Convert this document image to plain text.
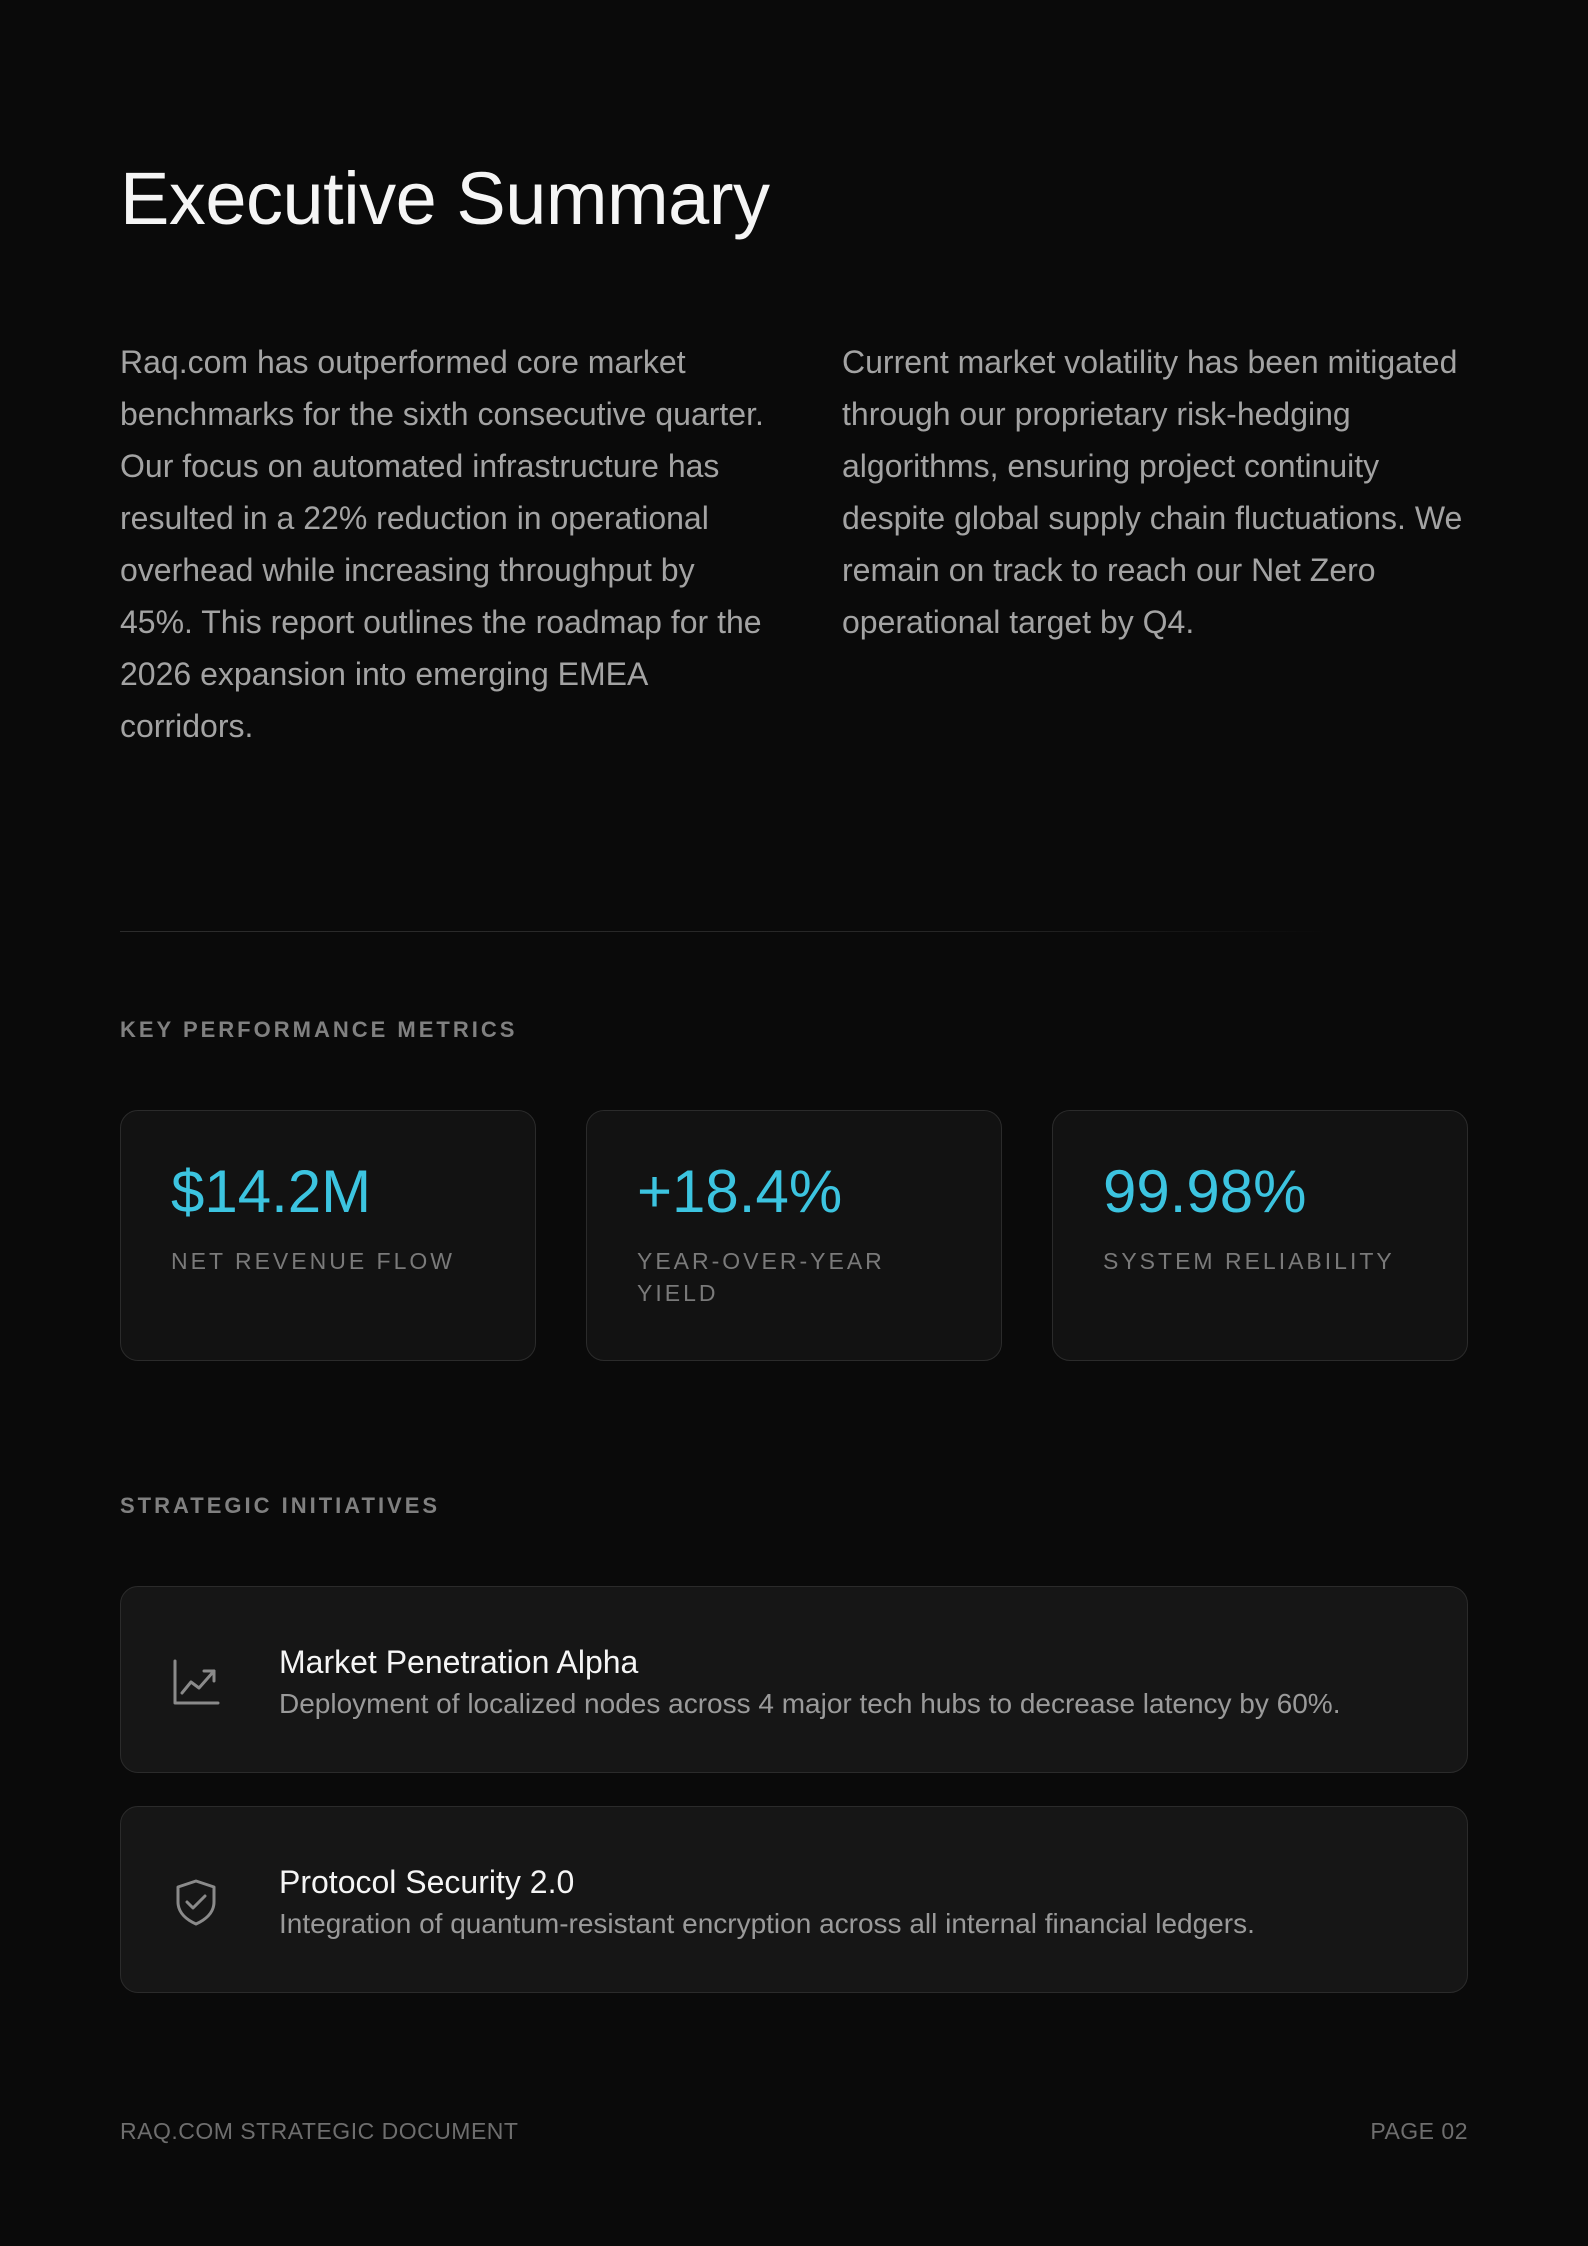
Executive Summary

Raq.com has outperformed core market benchmarks for the sixth consecutive quarter. Our focus on automated infrastructure has resulted in a 22% reduction in operational overhead while increasing throughput by 45%. This report outlines the roadmap for the 2026 expansion into emerging EMEA corridors.

Current market volatility has been mitigated through our proprietary risk-hedging algorithms, ensuring project continuity despite global supply chain fluctuations. We remain on track to reach our Net Zero operational target by Q4.

KEY PERFORMANCE METRICS
$14.2M
NET REVENUE FLOW
+18.4%
YEAR-OVER-YEAR YIELD
99.98%
SYSTEM RELIABILITY
STRATEGIC INITIATIVES
Market Penetration Alpha
Deployment of localized nodes across 4 major tech hubs to decrease latency by 60%.
Protocol Security 2.0
Integration of quantum-resistant encryption across all internal financial ledgers.
RAQ.COM STRATEGIC DOCUMENT	PAGE 02
